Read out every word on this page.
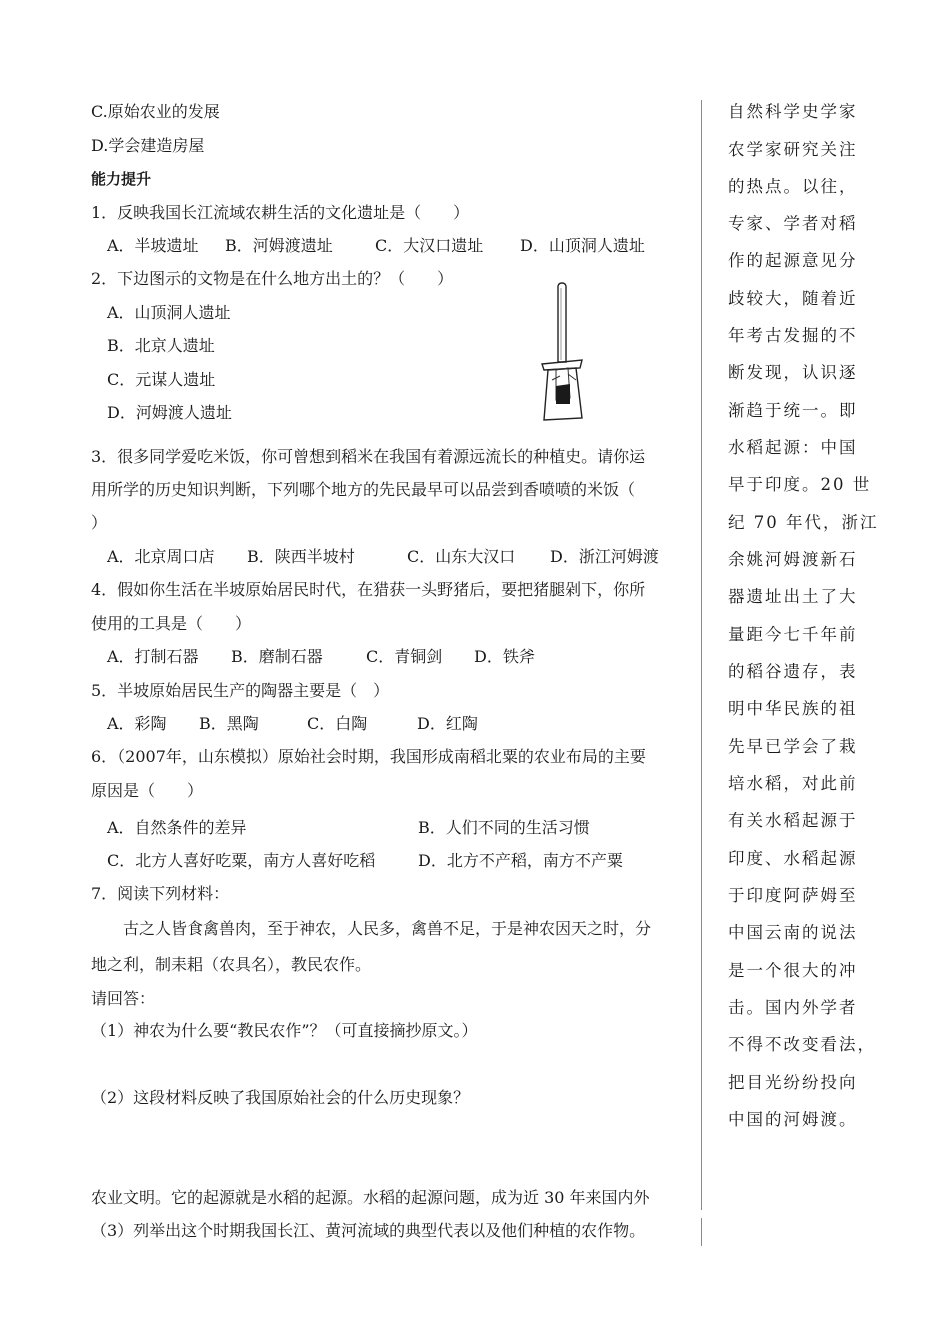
C.原始农业的发展
D.学会建造房屋
能力提升
1．反映我国长江流域农耕生活的文化遗址是（　　）
A．半坡遗址 B．河姆渡遗址	C．大汉口遗址 D．山顶洞人遗址
2．下边图示的文物是在什么地方出土的？（　　）
A．山顶洞人遗址
B．北京人遗址
C．元谋人遗址
D．河姆渡人遗址
3．很多同学爱吃米饭，你可曾想到稻米在我国有着源远流长的种植史。请你运
用所学的历史知识判断，下列哪个地方的先民最早可以品尝到香喷喷的米饭（
）
A．北京周口店 B．陕西半坡村	C．山东大汉口 D．浙江河姆渡
4．假如你生活在半坡原始居民时代，在猎获一头野猪后，要把猪腿剁下，你所
使用的工具是（　　）
A．打制石器 B．磨制石器	C．青铜剑 D．铁斧
5．半坡原始居民生产的陶器主要是（　）
A．彩陶 B．黑陶	C．白陶	D．红陶
6．（2007年，山东模拟）原始社会时期，我国形成南稻北粟的农业布局的主要
原因是（　　）
A．自然条件的差异	B．人们不同的生活习惯
C．北方人喜好吃粟，南方人喜好吃稻	D．北方不产稻，南方不产粟
7．阅读下列材料：
古之人皆食禽兽肉，至于神农，人民多，禽兽不足，于是神农因天之时，分
地之利，制耒耜（农具名），教民农作。
请回答：
（1）神农为什么要“教民农作”？（可直接摘抄原文。）
（2）这段材料反映了我国原始社会的什么历史现象？
农业文明。它的起源就是水稻的起源。水稻的起源问题，成为近 30 年来国内外
（3）列举出这个时期我国长江、黄河流域的典型代表以及他们种植的农作物。
自然科学史学家
农学家研究关注
的热点。以往，
专家、学者对稻
作的起源意见分
歧较大，随着近
年考古发掘的不
断发现，认识逐
渐趋于统一。即
水稻起源：中国
早于印度。20 世
纪 70 年代，浙江
余姚河姆渡新石
器遗址出土了大
量距今七千年前
的稻谷遗存，表
明中华民族的祖
先早已学会了栽
培水稻，对此前
有关水稻起源于
印度、水稻起源
于印度阿萨姆至
中国云南的说法
是一个很大的冲
击。国内外学者
不得不改变看法，
把目光纷纷投向
中国的河姆渡。
